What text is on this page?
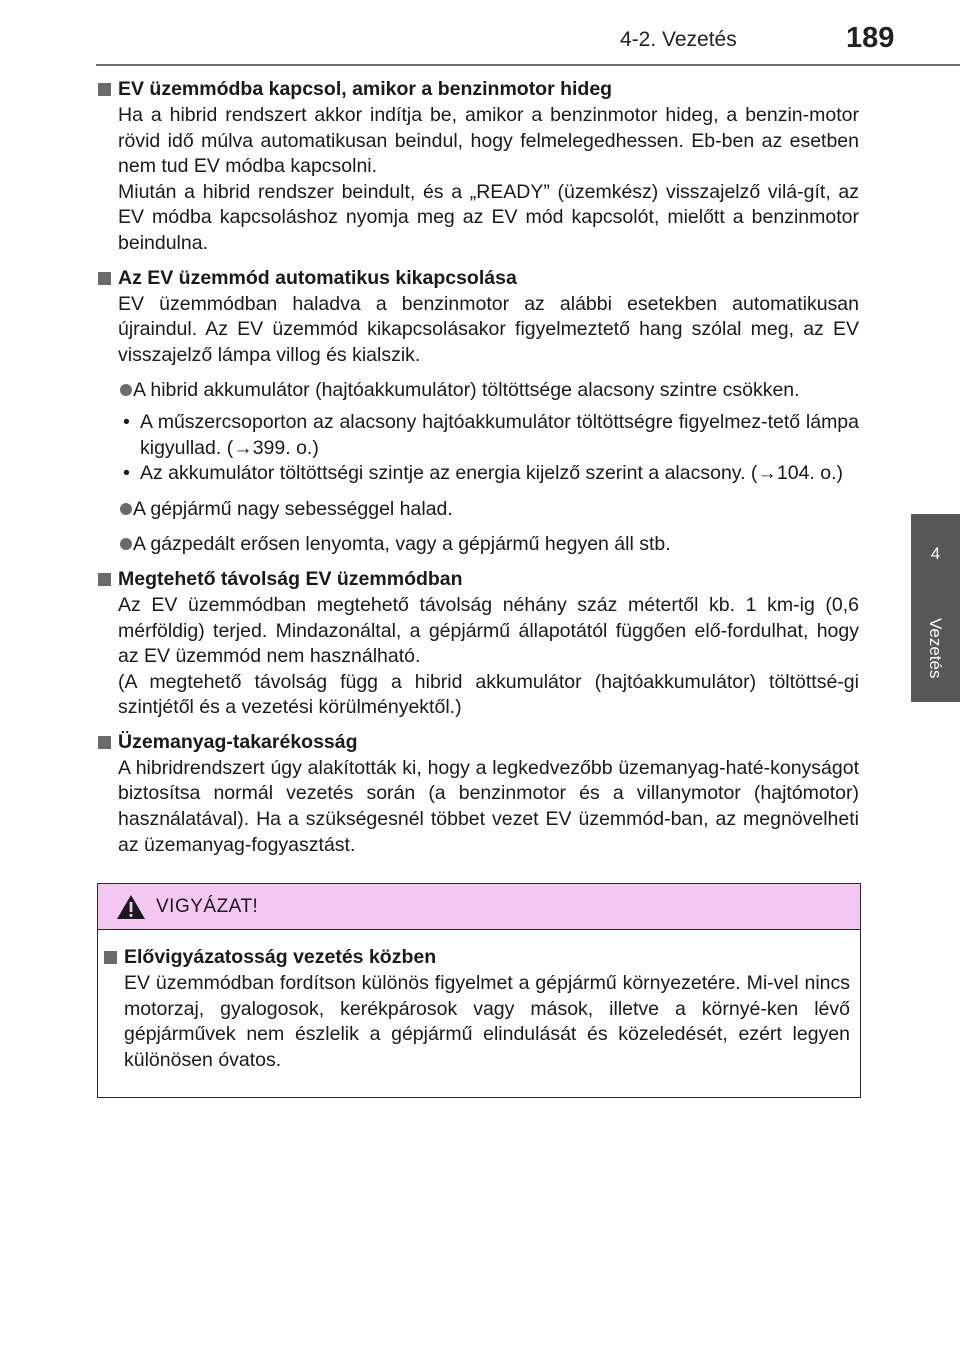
4-2. Vezetés	189
4
Vezetés
EV üzemmódba kapcsol, amikor a benzinmotor hideg

Ha a hibrid rendszert akkor indítja be, amikor a benzinmotor hideg, a benzin-motor rövid idő múlva automatikusan beindul, hogy felmelegedhessen. Eb-ben az esetben nem tud EV módba kapcsolni.

Miután a hibrid rendszer beindult, és a „READY” (üzemkész) visszajelző vilá-gít, az EV módba kapcsoláshoz nyomja meg az EV mód kapcsolót, mielőtt a benzinmotor beindulna.

Az EV üzemmód automatikus kikapcsolása

EV üzemmódban haladva a benzinmotor az alábbi esetekben automatikusan újraindul. Az EV üzemmód kikapcsolásakor figyelmeztető hang szólal meg, az EV visszajelző lámpa villog és kialszik.

A hibrid akkumulátor (hajtóakkumulátor) töltöttsége alacsony szintre csökken.
• A műszercsoporton az alacsony hajtóakkumulátor töltöttségre figyelmez-tető lámpa kigyullad. (→399. o.)
• Az akkumulátor töltöttségi szintje az energia kijelző szerint a alacsony. (→104. o.)
A gépjármű nagy sebességgel halad.
A gázpedált erősen lenyomta, vagy a gépjármű hegyen áll stb.
Megtehető távolság EV üzemmódban

Az EV üzemmódban megtehető távolság néhány száz métertől kb. 1 km-ig (0,6 mérföldig) terjed. Mindazonáltal, a gépjármű állapotától függően elő-fordulhat, hogy az EV üzemmód nem használható.

(A megtehető távolság függ a hibrid akkumulátor (hajtóakkumulátor) töltöttsé-gi szintjétől és a vezetési körülményektől.)

Üzemanyag-takarékosság

A hibridrendszert úgy alakították ki, hogy a legkedvezőbb üzemanyag-haté-konyságot biztosítsa normál vezetés során (a benzinmotor és a villanymotor (hajtómotor) használatával). Ha a szükségesnél többet vezet EV üzemmód-ban, az megnövelheti az üzemanyag-fogyasztást.

VIGYÁZAT!
Elővigyázatosság vezetés közben
EV üzemmódban fordítson különös figyelmet a gépjármű környezetére. Mi-vel nincs motorzaj, gyalogosok, kerékpárosok vagy mások, illetve a környé-ken lévő gépjárművek nem észlelik a gépjármű elindulását és közeledését, ezért legyen különösen óvatos.
